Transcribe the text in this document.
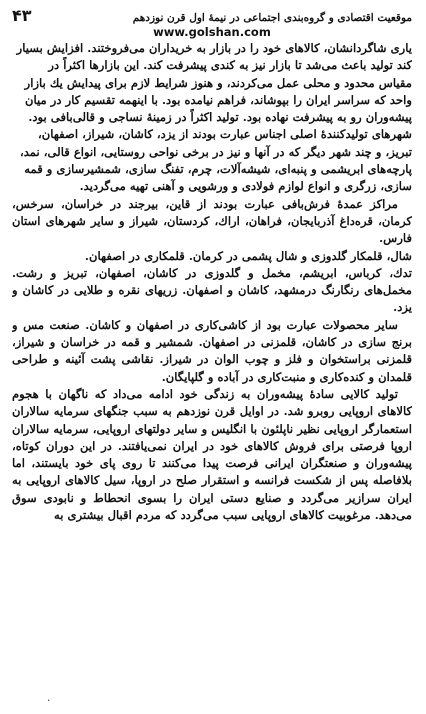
موقعیت اقتصادی و گروه‌بندی اجتماعی در نیمهٔ اول قرن نوزدهم
۴۳
www.golshan.com

یاری شاگردانشان، کالاهای خود را در بازار به خریداران می‌فروختند. افزایش بسیار کند تولید باعث می‌شد تا بازار نیز به کندی پیشرفت کند. این بازارها اکثراً در مقیاس محدود و محلی عمل می‌کردند، و هنوز شرایط لازم برای پیدایش یك بازار واحد که سراسر ایران را بپوشاند، فراهم نیامده بود. با اینهمه تقسیم کار در میان پیشه‌وران رو به پیشرفت نهاده بود. تولید اکثراً در زمینهٔ نساجی و قالی‌بافی بود. شهرهای تولیدکنندهٔ اصلی اجناس عبارت بودند از یزد، کاشان، شیراز، اصفهان، تبریز، و چند شهر دیگر که در آنها و نیز در برخی نواحی روستایی، انواع قالی، نمد، پارچه‌های ابریشمی و پنبه‌ای، شیشه‌آلات، چرم، تفنگ سازی، شمشیرسازی و قمه سازی، زرگری و انواع لوازم فولادی و ورشویی و آهنی تهیه می‌گردید.

مراکز عمدهٔ فرش‌بافی عبارت بودند از قاین، بیرجند در خراسان، سرخس، کرمان، قره‌داغ آذربایجان، فراهان، اراك، کردستان، شیراز و سایر شهرهای استان فارس.

شال، قلمکار گلدوزی و شال پشمی در کرمان. قلمکاری در اصفهان.

تدك، کرباس، ابریشم، مخمل و گلدوزی در کاشان، اصفهان، تبریز و رشت. مخمل‌های رنگارنگ درمشهد، کاشان و اصفهان. زریهای نقره و طلایی در کاشان و یزد.

سایر محصولات عبارت بود از کاشی‌کاری در اصفهان و کاشان. صنعت مس و برنج سازی در کاشان، قلمزنی در اصفهان. شمشیر و قمه در خراسان و شیراز، قلمزنی براستخوان و فلز و چوب الوان در شیراز. نقاشی پشت آئینه و طراحی قلمدان و کنده‌کاری و منبت‌کاری در آباده و گلپایگان.

تولید کالایی سادهٔ پیشه‌وران به زندگی خود ادامه می‌داد که ناگهان با هجوم کالاهای اروپایی روبرو شد. در اوایل قرن نوزدهم به سبب جنگهای سرمایه سالاران استعمارگر اروپایی نظیر ناپلئون با انگلیس و سایر دولتهای اروپایی، سرمایه سالاران اروپا فرصتی برای فروش کالاهای خود در ایران نمی‌یافتند. در این دوران کوتاه، پیشه‌وران و صنعتگران ایرانی فرصت پیدا می‌کنند تا روی پای خود بایستند، اما بلافاصله پس از شکست فرانسه و استقرار صلح در اروپا، سیل کالاهای اروپایی به ایران سرازیر می‌گردد و صنایع دستی ایران را بسوی انحطاط و نابودی سوق می‌دهد. مرغوبیت کالاهای اروپایی سبب می‌گردد که مردم اقبال بیشتری به

۰
